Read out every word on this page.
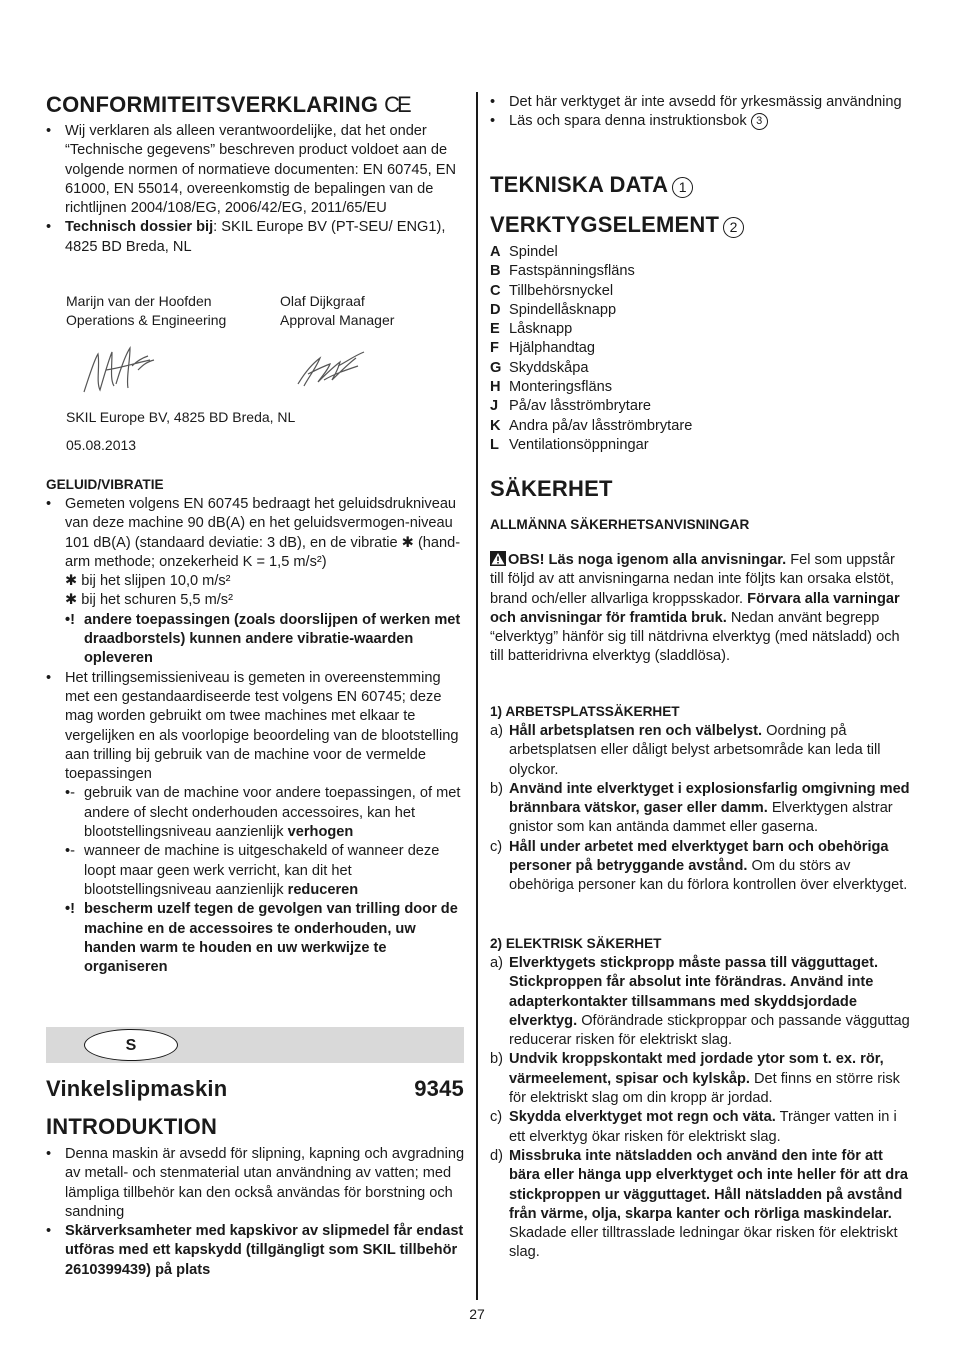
CONFORMITEITSVERKLARING CE
•
Wij verklaren als alleen verantwoordelijke, dat het onder “Technische gegevens” beschreven product voldoet aan de volgende normen of normatieve documenten: EN 60745, EN 61000, EN 55014, overeenkomstig de bepalingen van de richtlijnen 2004/108/EG, 2006/42/EG, 2011/65/EU
•
Technisch dossier bij: SKIL Europe BV (PT-SEU/ ENG1), 4825 BD Breda, NL
Marijn van der Hoofden
Operations & Engineering
Olaf Dijkgraaf
Approval Manager
SKIL Europe BV, 4825 BD Breda, NL
05.08.2013
GELUID/VIBRATIE
•
Gemeten volgens EN 60745 bedraagt het geluidsdrukniveau van deze machine 90 dB(A) en het geluidsvermogen-niveau 101 dB(A) (standaard deviatie: 3 dB), en de vibratie ✱ (hand-arm methode; onzekerheid K = 1,5 m/s²)
✱ bij het slijpen 10,0 m/s²
✱ bij het schuren 5,5 m/s²
• ! andere toepassingen (zoals doorslijpen of werken met draadborstels) kunnen andere vibratie-waarden opleveren
•
Het trillingsemissieniveau is gemeten in overeenstemming met een gestandaardiseerde test volgens EN 60745; deze mag worden gebruikt om twee machines met elkaar te vergelijken en als voorlopige beoordeling van de blootstelling aan trilling bij gebruik van de machine voor de vermelde toepassingen
• - gebruik van de machine voor andere toepassingen, of met andere of slecht onderhouden accessoires, kan het blootstellingsniveau aanzienlijk verhogen
• - wanneer de machine is uitgeschakeld of wanneer deze loopt maar geen werk verricht, kan dit het blootstellingsniveau aanzienlijk reduceren
• ! bescherm uzelf tegen de gevolgen van trilling door de machine en de accessoires te onderhouden, uw handen warm te houden en uw werkwijze te organiseren
S
Vinkelslipmaskin	9345
INTRODUKTION
•
Denna maskin är avsedd för slipning, kapning och avgradning av metall- och stenmaterial utan användning av vatten; med lämpliga tillbehör kan den också användas för borstning och sandning
•
Skärverksamheter med kapskivor av slipmedel får endast utföras med ett kapskydd (tillgängligt som SKIL tillbehör 2610399439) på plats
•
Det här verktyget är inte avsedd för yrkesmässig användning
•
Läs och spara denna instruktionsbok 3
TEKNISKA DATA 1
VERKTYGSELEMENT 2
A Spindel
B Fastspänningsfläns
C Tillbehörsnyckel
D Spindellåsknapp
E Låsknapp
F Hjälphandtag
G Skyddskåpa
H Monteringsfläns
J På/av låsströmbrytare
K Andra på/av låsströmbrytare
L Ventilationsöppningar
SÄKERHET
ALLMÄNNA SÄKERHETSANVISNINGAR

OBS! Läs noga igenom alla anvisningar. Fel som uppstår till följd av att anvisningarna nedan inte följts kan orsaka elstöt, brand och/eller allvarliga kroppsskador. Förvara alla varningar och anvisningar för framtida bruk. Nedan använt begrepp “elverktyg” hänför sig till nätdrivna elverktyg (med nätsladd) och till batteridrivna elverktyg (sladdlösa).

1) ARBETSPLATSSÄKERHET
a) Håll arbetsplatsen ren och välbelyst. Oordning på arbetsplatsen eller dåligt belyst arbetsområde kan leda till olyckor.
b) Använd inte elverktyget i explosionsfarlig omgivning med brännbara vätskor, gaser eller damm. Elverktygen alstrar gnistor som kan antända dammet eller gaserna.
c) Håll under arbetet med elverktyget barn och obehöriga personer på betryggande avstånd. Om du störs av obehöriga personer kan du förlora kontrollen över elverktyget.
2) ELEKTRISK SÄKERHET
a) Elverktygets stickpropp måste passa till vägguttaget. Stickproppen får absolut inte förändras. Använd inte adapterkontakter tillsammans med skyddsjordade elverktyg. Oförändrade stickproppar och passande vägguttag reducerar risken för elektriskt slag.
b) Undvik kroppskontakt med jordade ytor som t. ex. rör, värmeelement, spisar och kylskåp. Det finns en större risk för elektriskt slag om din kropp är jordad.
c) Skydda elverktyget mot regn och väta. Tränger vatten in i ett elverktyg ökar risken för elektriskt slag.
d) Missbruka inte nätsladden och använd den inte för att bära eller hänga upp elverktyget och inte heller för att dra stickproppen ur vägguttaget. Håll nätsladden på avstånd från värme, olja, skarpa kanter och rörliga maskindelar. Skadade eller tilltrasslade ledningar ökar risken för elektriskt slag.
27
